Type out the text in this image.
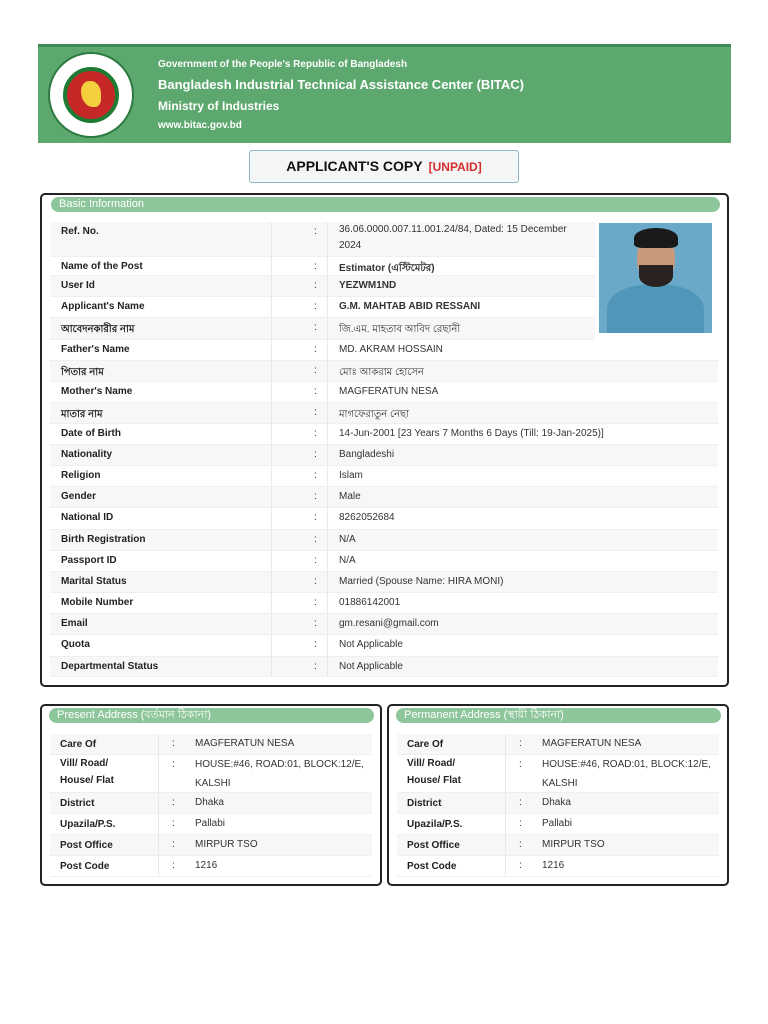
Government of the People's Republic of Bangladesh
Bangladesh Industrial Technical Assistance Center (BITAC)
Ministry of Industries
www.bitac.gov.bd
APPLICANT'S COPY [UNPAID]
Basic Information
Ref. No.	: 36.06.0000.007.11.001.24/84, Dated: 15 December 2024
Name of the Post	: Estimator (এস্টিমেটর)
User Id	: YEZWM1ND
Applicant's Name	: G.M. MAHTAB ABID RESSANI
আবেদনকারীর নাম	: জি.এম. মাহতাব আবিদ রেছানী
Father's Name	: MD. AKRAM HOSSAIN
পিতার নাম	: মোঃ আকরাম হোসেন
Mother's Name	: MAGFERATUN NESA
মাতার নাম	: মাগফেরাতুন নেছা
Date of Birth	: 14-Jun-2001 [23 Years 7 Months 6 Days (Till: 19-Jan-2025)]
Nationality	: Bangladeshi
Religion	: Islam
Gender	: Male
National ID	: 8262052684
Birth Registration	: N/A
Passport ID	: N/A
Marital Status	: Married (Spouse Name: HIRA MONI)
Mobile Number	: 01886142001
Email	: gm.resani@gmail.com
Quota	: Not Applicable
Departmental Status	: Not Applicable
Present Address (বর্তমান ঠিকানা)	Permanent Address (স্থায়ী ঠিকানা)
Care Of	: MAGFERATUN NESA
Vill/ Road/ House/ Flat
: HOUSE:#46, ROAD:01, BLOCK:12/E, KALSHI
District	: Dhaka
Upazila/P.S.	: Pallabi
Post Office	: MIRPUR TSO
Post Code	: 1216
Care Of	: MAGFERATUN NESA
Vill/ Road/ House/ Flat
: HOUSE:#46, ROAD:01, BLOCK:12/E, KALSHI
District	: Dhaka
Upazila/P.S.	: Pallabi
Post Office	: MIRPUR TSO
Post Code	: 1216
